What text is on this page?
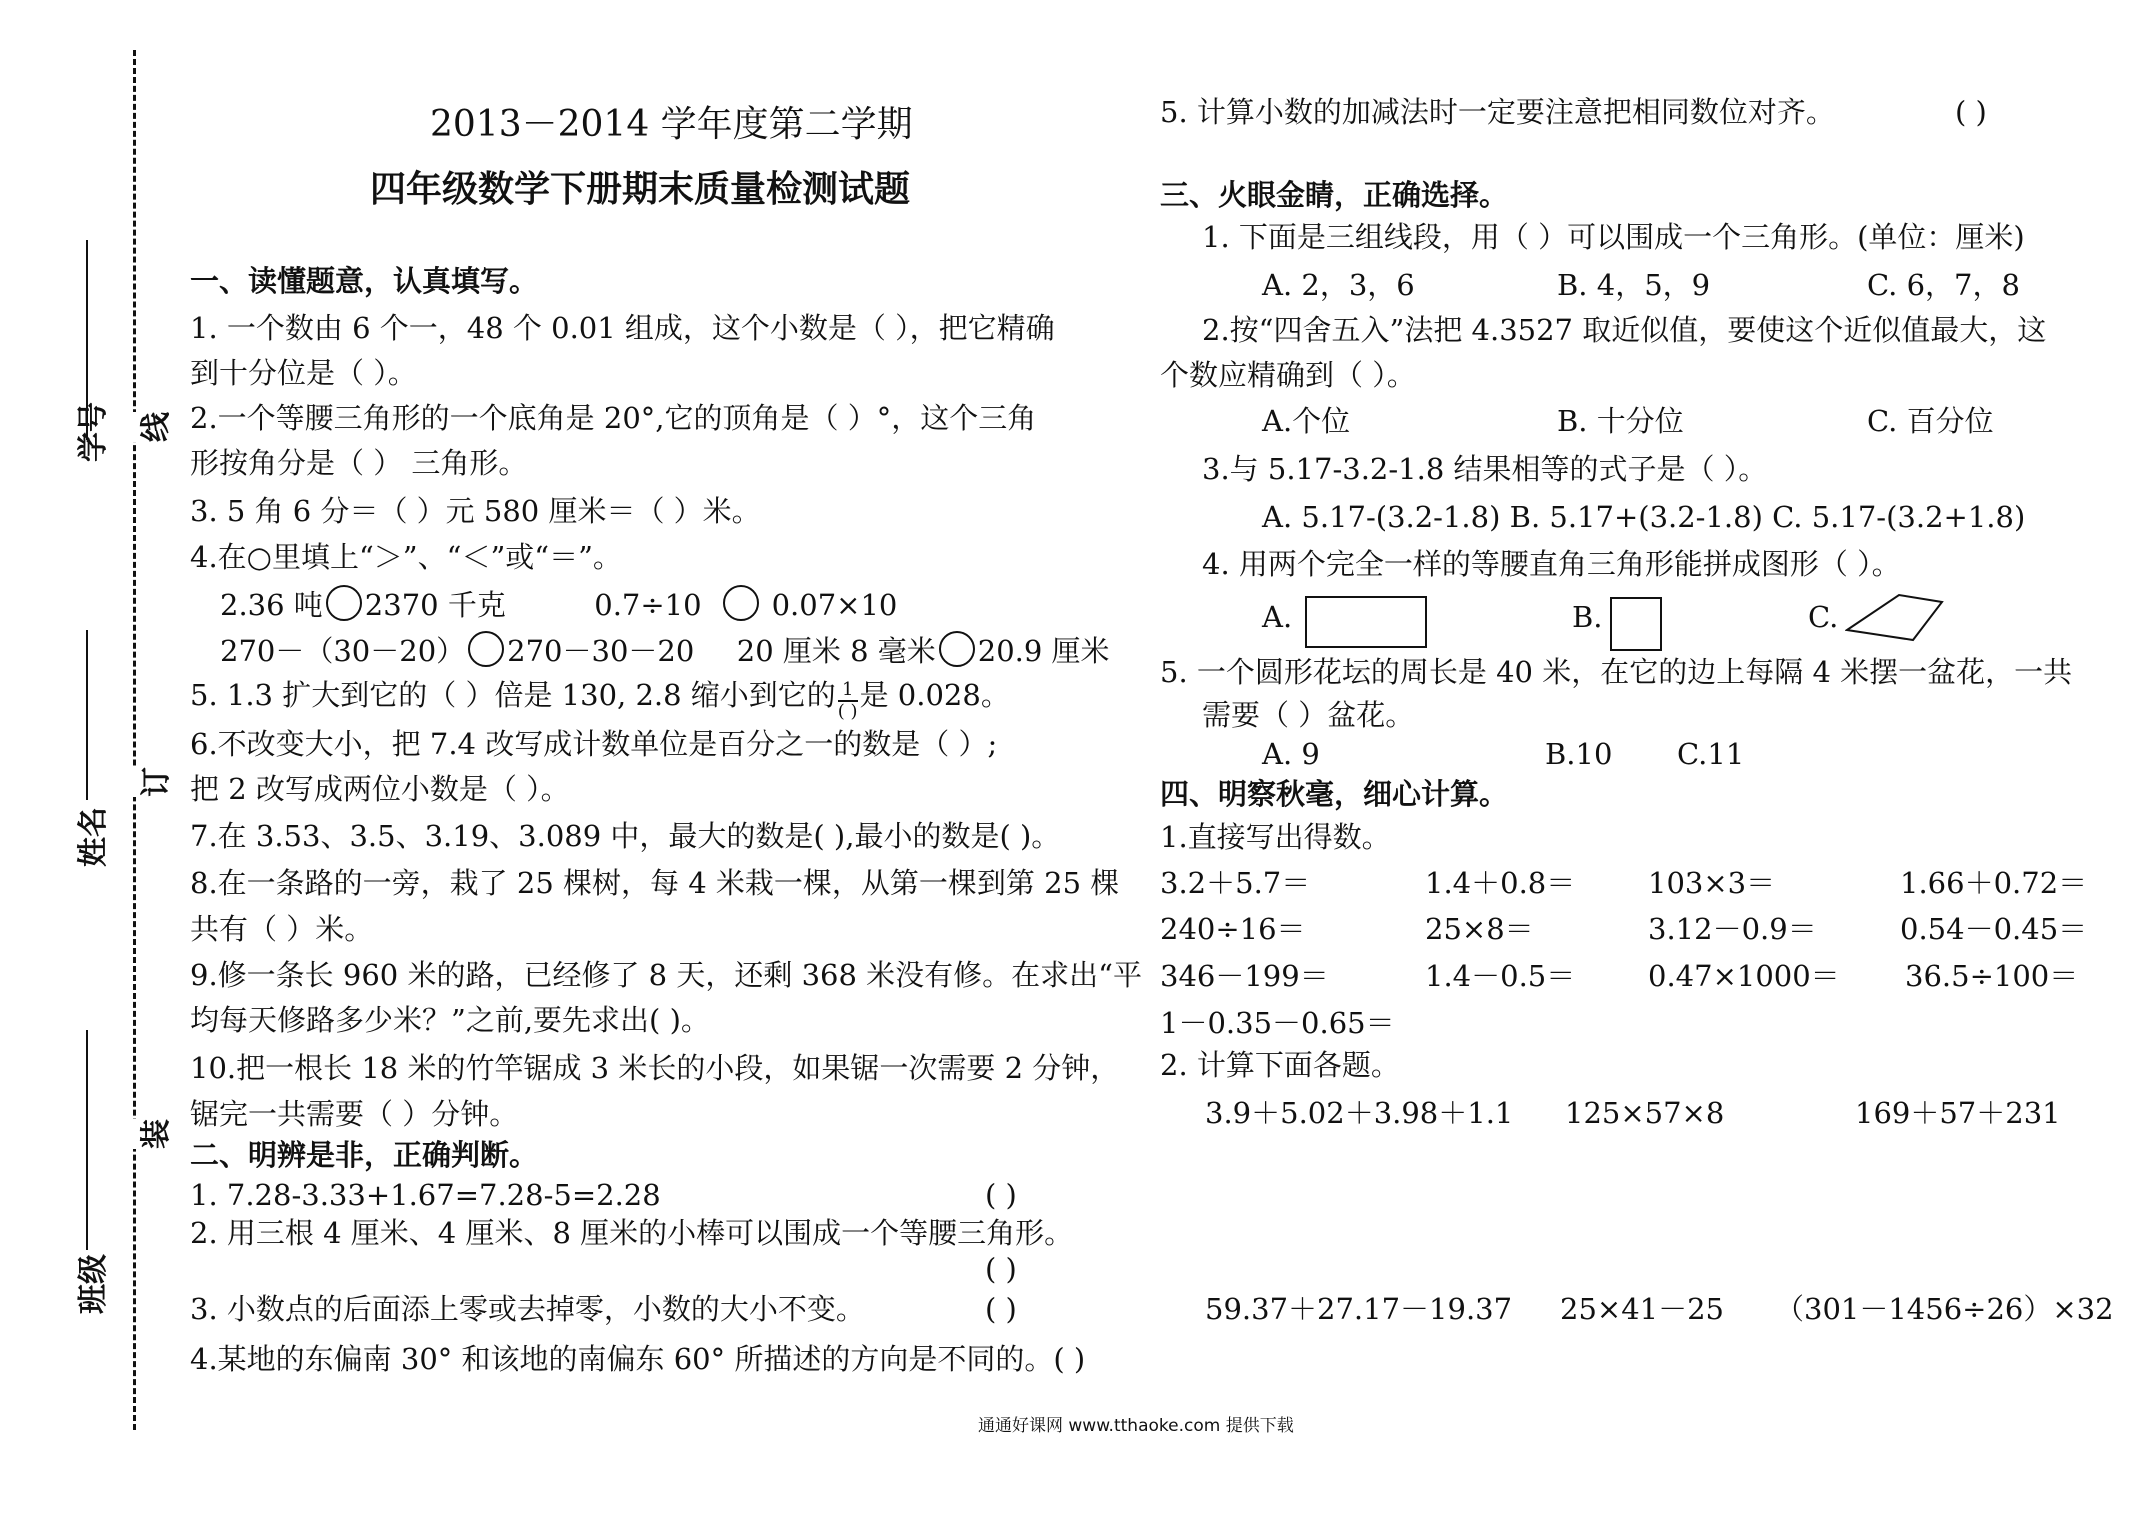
学号
姓名
班级
线
订
装
2013－2014 学年度第二学期
四年级数学下册期末质量检测试题
一、读懂题意，认真填写。
1. 一个数由 6 个一，48 个 0.01 组成，这个小数是（ ），把它精确
到十分位是（ ）。
2.一个等腰三角形的一个底角是 20°,它的顶角是（ ）°，这个三角
形按角分是（ ） 三角形。
3. 5 角 6 分＝（ ）元 580 厘米＝（ ）米。
4.在○里填上“＞”、“＜”或“＝”。
2.36 吨 2370 千克	0.7÷10 0.07×10
270－（30－20） 270－30－20 20 厘米 8 毫米 20.9 厘米
5. 1.3 扩大到它的（ ）倍是 130, 2.8 缩小到它的 $\frac{1}{( )}$ 是 0.028。
6.不改变大小，把 7.4 改写成计数单位是百分之一的数是（ ）;
把 2 改写成两位小数是（ ）。
7.在 3.53、3.5、3.19、3.089 中，最大的数是( ),最小的数是( )。
8.在一条路的一旁，栽了 25 棵树，每 4 米栽一棵，从第一棵到第 25 棵
共有（ ）米。
9.修一条长 960 米的路，已经修了 8 天，还剩 368 米没有修。在求出“平
均每天修路多少米？”之前,要先求出( )。
10.把一根长 18 米的竹竿锯成 3 米长的小段，如果锯一次需要 2 分钟，
锯完一共需要（ ）分钟。
二、明辨是非，正确判断。
1. 7.28-3.33+1.67=7.28-5=2.28	( )
2. 用三根 4 厘米、4 厘米、8 厘米的小棒可以围成一个等腰三角形。
( )
3. 小数点的后面添上零或去掉零，小数的大小不变。	( )
4.某地的东偏南 30° 和该地的南偏东 60° 所描述的方向是不同的。( )
5. 计算小数的加减法时一定要注意把相同数位对齐。	( )
三、火眼金睛，正确选择。
1. 下面是三组线段，用（ ）可以围成一个三角形。(单位：厘米)
A. 2，3，6	B. 4，5，9	C. 6，7，8
2.按“四舍五入”法把 4.3527 取近似值，要使这个近似值最大，这
个数应精确到（ ）。
A.个位	B. 十分位	C. 百分位
3.与 5.17-3.2-1.8 结果相等的式子是（ ）。
A. 5.17-(3.2-1.8) B. 5.17+(3.2-1.8) C. 5.17-(3.2+1.8)
4. 用两个完全一样的等腰直角三角形能拼成图形（ ）。
A.	B.	C.
5. 一个圆形花坛的周长是 40 米，在它的边上每隔 4 米摆一盆花，一共
需要（ ）盆花。
A. 9	B.10 C.11
四、明察秋毫，细心计算。
1.直接写出得数。
3.2＋5.7＝	1.4＋0.8＝	103×3＝	1.66＋0.72＝
240÷16＝	25×8＝	3.12－0.9＝	0.54－0.45＝
346－199＝	1.4－0.5＝	0.47×1000＝ 36.5÷100＝
1－0.35－0.65＝
2. 计算下面各题。
3.9＋5.02＋3.98＋1.1 125×57×8	169＋57＋231
59.37＋27.17－19.37 25×41－25 （301－1456÷26）×32
通通好课网 www.tthaoke.com 提供下载
